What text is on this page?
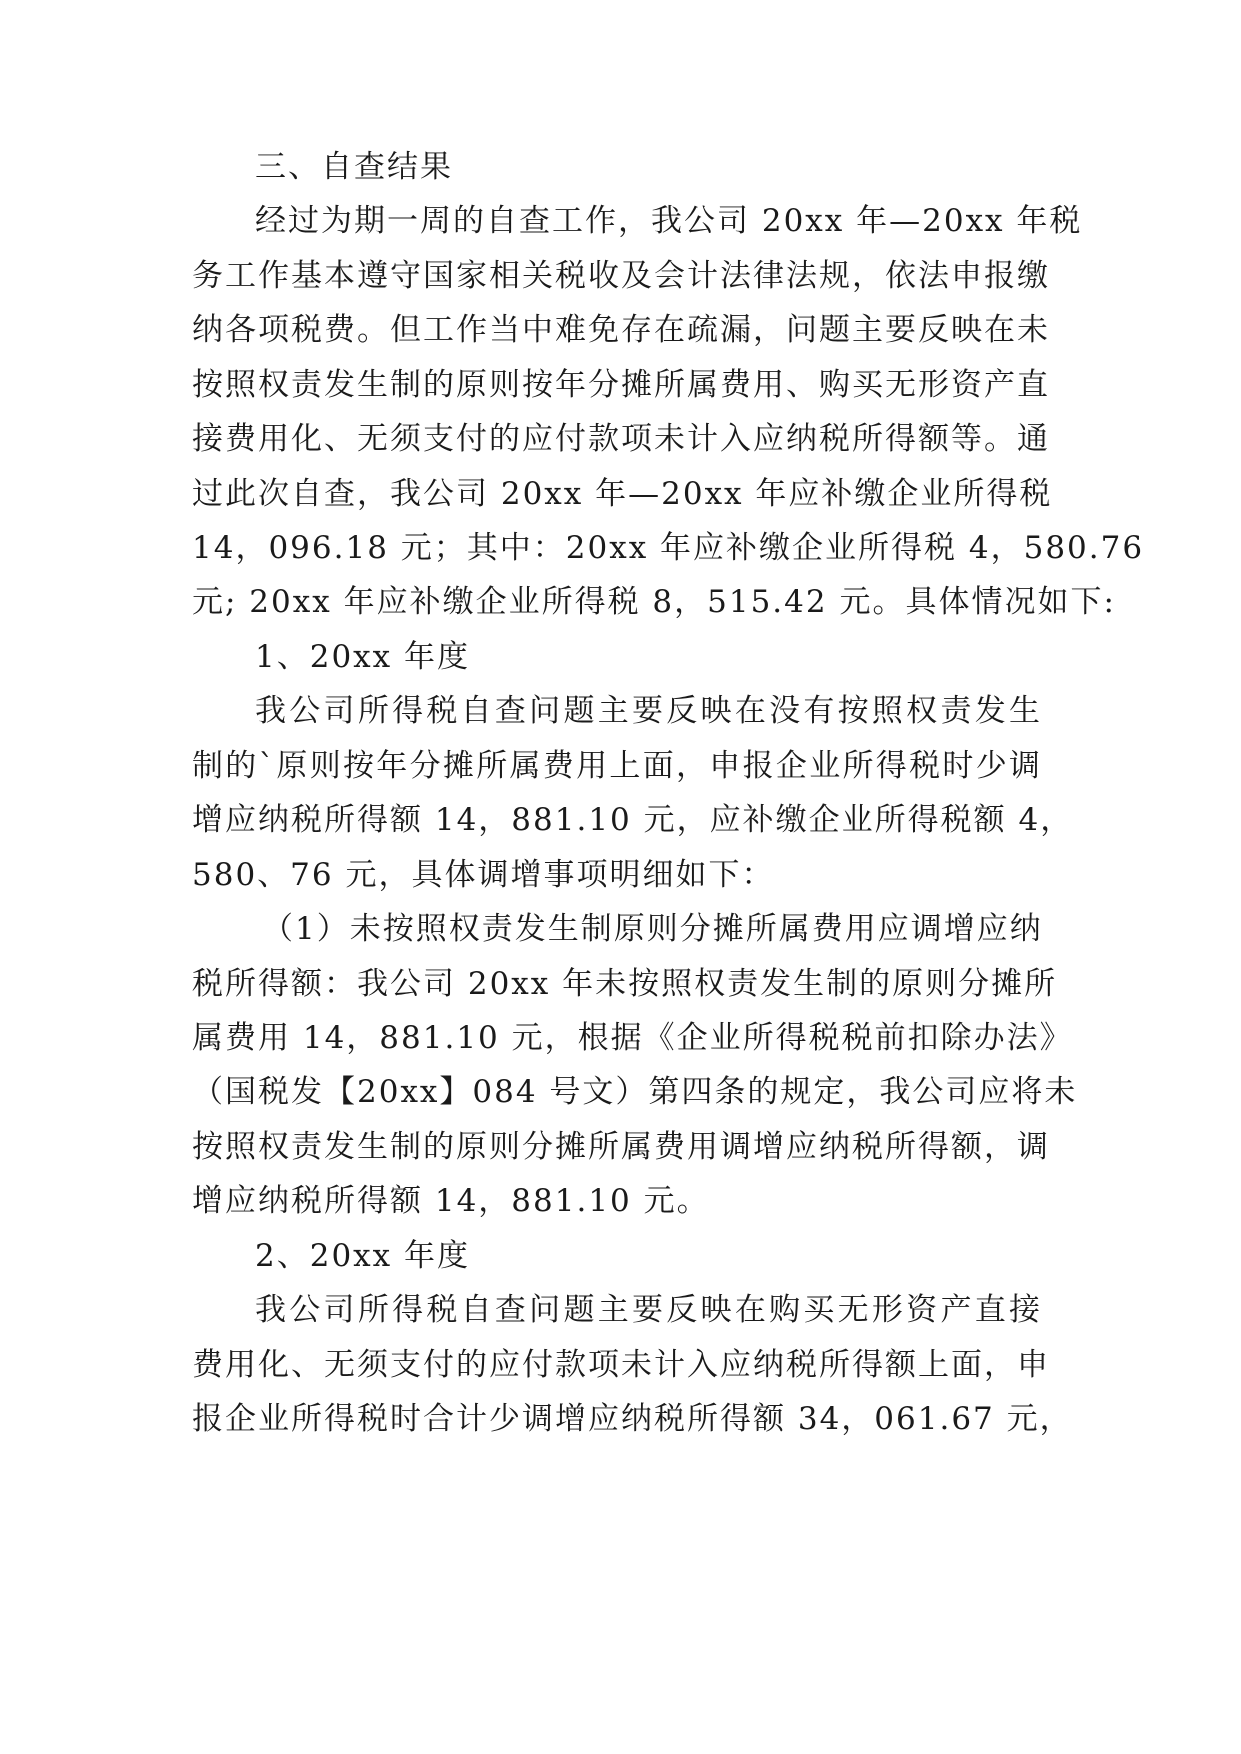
三、自查结果
经过为期一周的自查工作，我公司 20xx 年—20xx 年税
务工作基本遵守国家相关税收及会计法律法规，依法申报缴
纳各项税费。但工作当中难免存在疏漏，问题主要反映在未
按照权责发生制的原则按年分摊所属费用、购买无形资产直
接费用化、无须支付的应付款项未计入应纳税所得额等。通
过此次自查，我公司 20xx 年—20xx 年应补缴企业所得税
14，096.18 元；其中：20xx 年应补缴企业所得税 4，580.76
元; 20xx 年应补缴企业所得税 8，515.42 元。具体情况如下:
1、20xx 年度
我公司所得税自查问题主要反映在没有按照权责发生
制的`原则按年分摊所属费用上面，申报企业所得税时少调
增应纳税所得额 14，881.10 元，应补缴企业所得税额 4，
580、76 元，具体调增事项明细如下：
（1）未按照权责发生制原则分摊所属费用应调增应纳
税所得额：我公司 20xx 年未按照权责发生制的原则分摊所
属费用 14，881.10 元，根据《企业所得税税前扣除办法》
（国税发【20xx】084 号文）第四条的规定，我公司应将未
按照权责发生制的原则分摊所属费用调增应纳税所得额，调
增应纳税所得额 14，881.10 元。
2、20xx 年度
我公司所得税自查问题主要反映在购买无形资产直接
费用化、无须支付的应付款项未计入应纳税所得额上面，申
报企业所得税时合计少调增应纳税所得额 34，061.67 元，
